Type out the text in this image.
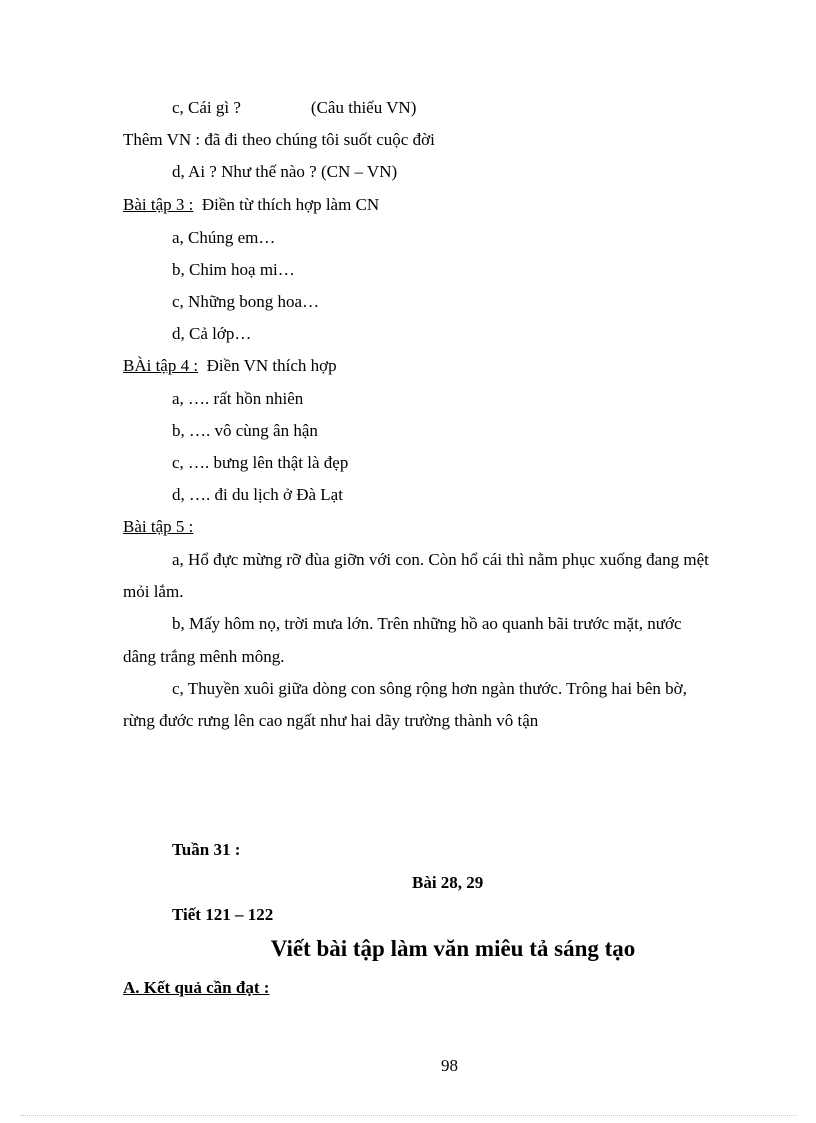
c, Cái gì ?	(Câu thiếu VN)
Thêm VN : đã đi theo chúng tôi suốt cuộc đời
d, Ai ? Như thế nào ? (CN – VN)
Bài tập 3 : Điền từ thích hợp làm CN
a, Chúng em…
b, Chim hoạ mi…
c, Những bong hoa…
d, Cả lớp…
BÀi tập 4 : Điền VN thích hợp
a, …. rất hồn nhiên
b, …. vô cùng ân hận
c, …. bưng lên thật là đẹp
d, …. đi du lịch ở Đà Lạt
Bài tập 5 :
a, Hổ đực mừng rỡ đùa giỡn với con. Còn hổ cái thì nằm phục xuống đang mệt
mỏi lắm.
b, Mấy hôm nọ, trời mưa lớn. Trên những hồ ao quanh bãi trước mặt, nước
dâng trắng mênh mông.
c, Thuyền xuôi giữa dòng con sông rộng hơn ngàn thước. Trông hai bên bờ,
rừng đước rưng lên cao ngất như hai dãy trường thành vô tận
Tuần 31 :
Bài 28, 29
Tiết 121 – 122
Viết bài tập làm văn miêu tả sáng tạo
A. Kết quả cần đạt :
98
